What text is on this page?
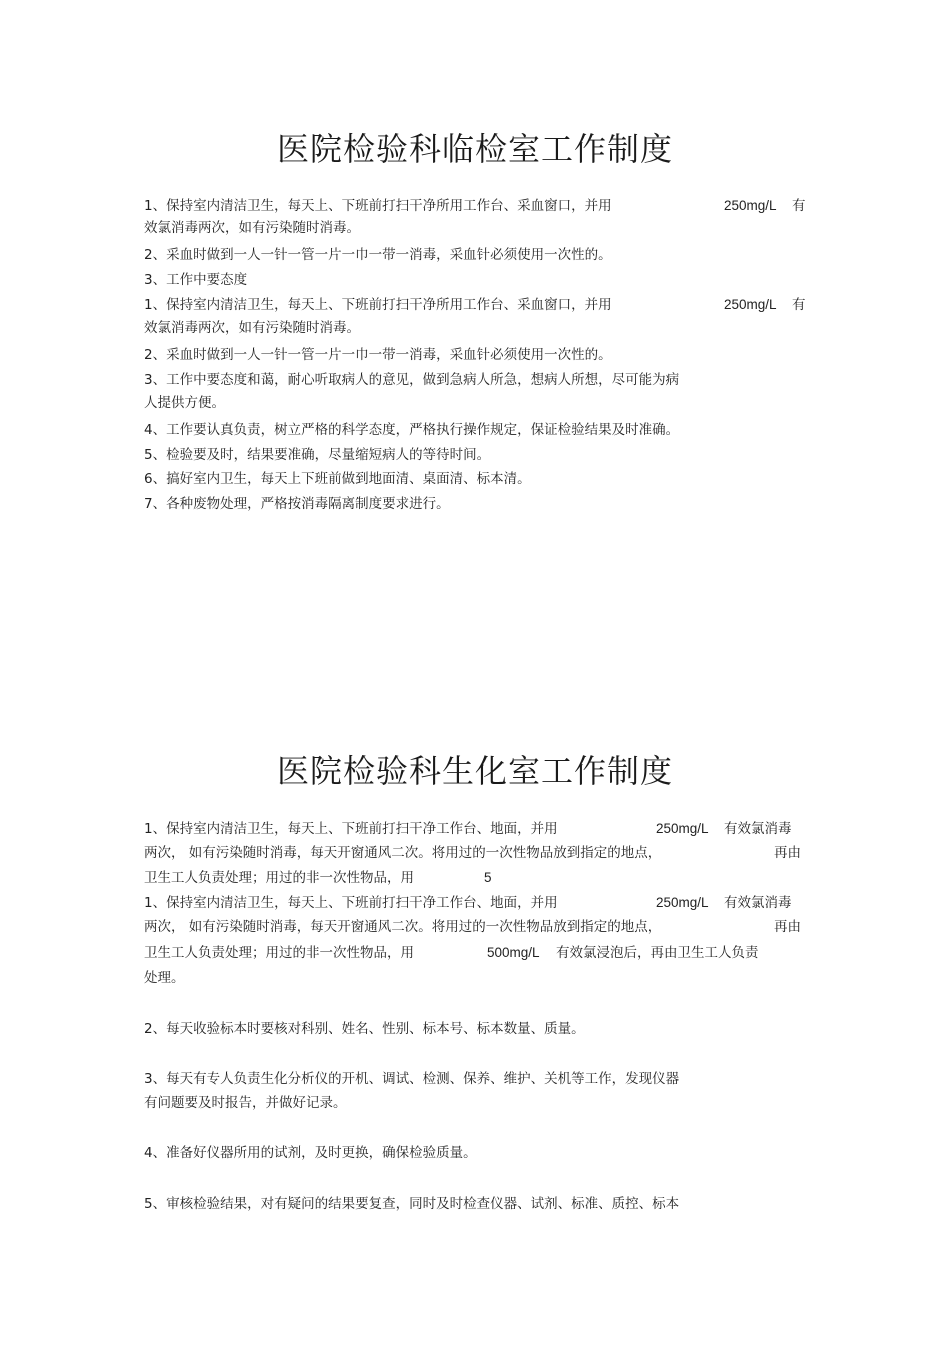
医院检验科临检室工作制度
1、保持室内清洁卫生，每天上、下班前打扫干净所用工作台、采血窗口，并用	250mg/L 有
效氯消毒两次，如有污染随时消毒。
2、采血时做到一人一针一管一片一巾一带一消毒，采血针必须使用一次性的。
3、工作中要态度
1、保持室内清洁卫生，每天上、下班前打扫干净所用工作台、采血窗口，并用	250mg/L 有
效氯消毒两次，如有污染随时消毒。
2、采血时做到一人一针一管一片一巾一带一消毒，采血针必须使用一次性的。
3、工作中要态度和蔼，耐心听取病人的意见，做到急病人所急，想病人所想，尽可能为病
人提供方便。
4、工作要认真负责，树立严格的科学态度，严格执行操作规定，保证检验结果及时准确。
5、检验要及时，结果要准确，尽量缩短病人的等待时间。
6、搞好室内卫生，每天上下班前做到地面清、桌面清、标本清。
7、各种废物处理，严格按消毒隔离制度要求进行。
医院检验科生化室工作制度
1、保持室内清洁卫生，每天上、下班前打扫干净工作台、地面，并用	250mg/L 有效氯消毒
两次， 如有污染随时消毒，每天开窗通风二次。将用过的一次性物品放到指定的地点，	再由
卫生工人负责处理；用过的非一次性物品，用	5
1、保持室内清洁卫生，每天上、下班前打扫干净工作台、地面，并用	250mg/L 有效氯消毒
两次， 如有污染随时消毒，每天开窗通风二次。将用过的一次性物品放到指定的地点，	再由
卫生工人负责处理；用过的非一次性物品，用	500mg/L 有效氯浸泡后，再由卫生工人负责
处理。
2、每天收验标本时要核对科别、姓名、性别、标本号、标本数量、质量。
3、每天有专人负责生化分析仪的开机、调试、检测、保养、维护、关机等工作，发现仪器
有问题要及时报告，并做好记录。
4、准备好仪器所用的试剂，及时更换，确保检验质量。
5、审核检验结果，对有疑问的结果要复查，同时及时检查仪器、试剂、标准、质控、标本
